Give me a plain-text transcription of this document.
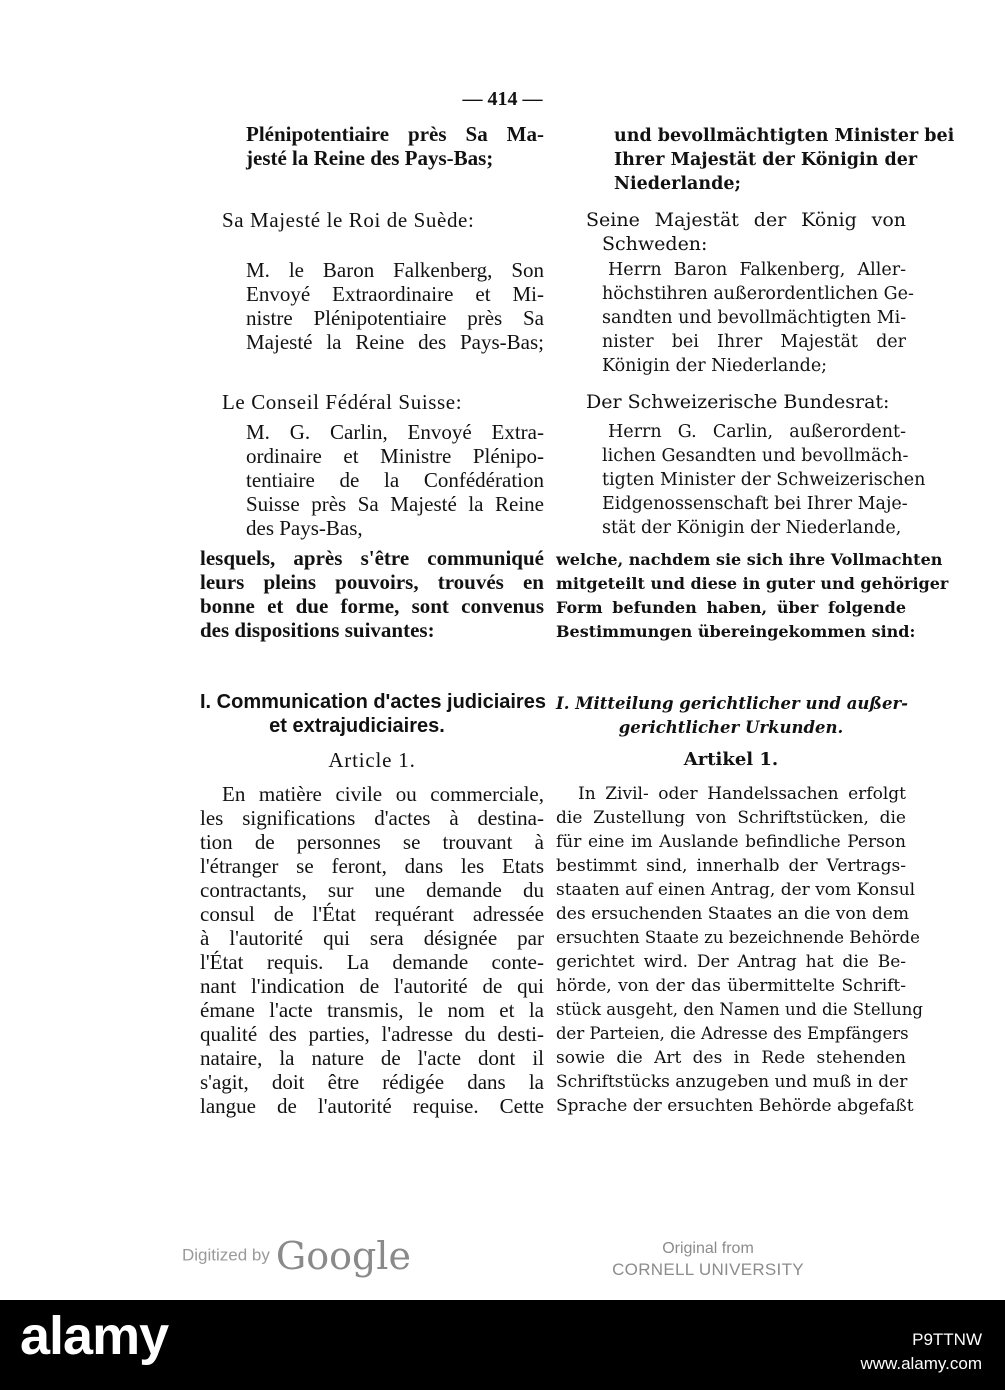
— 414 —
Plénipotentiaire près Sa Ma-
jesté la Reine des Pays-Bas;
Sa Majesté le Roi de Suède:
M. le Baron Falkenberg, Son
Envoyé Extraordinaire et Mi-
nistre Plénipotentiaire près Sa
Majesté la Reine des Pays-Bas;
Le Conseil Fédéral Suisse:
M. G. Carlin, Envoyé Extra-
ordinaire et Ministre Plénipo-
tentiaire de la Confédération
Suisse près Sa Majesté la Reine
des Pays-Bas,
lesquels, après s'être communiqué
leurs pleins pouvoirs, trouvés en
bonne et due forme, sont convenus
des dispositions suivantes:
I. Communication d'actes judiciaires
et extrajudiciaires.
Article 1.
En matière civile ou commerciale,
les significations d'actes à destina-
tion de personnes se trouvant à
l'étranger se feront, dans les Etats
contractants, sur une demande du
consul de l'État requérant adressée
à l'autorité qui sera désignée par
l'État requis. La demande conte-
nant l'indication de l'autorité de qui
émane l'acte transmis, le nom et la
qualité des parties, l'adresse du desti-
nataire, la nature de l'acte dont il
s'agit, doit être rédigée dans la
langue de l'autorité requise. Cette
und bevollmächtigten Minister bei
Ihrer Majestät der Königin der
Niederlande;
Seine Majestät der König von
Schweden:
Herrn Baron Falkenberg, Aller-
höchstihren außerordentlichen Ge-
sandten und bevollmächtigten Mi-
nister bei Ihrer Majestät der
Königin der Niederlande;
Der Schweizerische Bundesrat:
Herrn G. Carlin, außerordent-
lichen Gesandten und bevollmäch-
tigten Minister der Schweizerischen
Eidgenossenschaft bei Ihrer Maje-
stät der Königin der Niederlande,
welche, nachdem sie sich ihre Vollmachten
mitgeteilt und diese in guter und gehöriger
Form befunden haben, über folgende
Bestimmungen übereingekommen sind:
I. Mitteilung gerichtlicher und außer-
gerichtlicher Urkunden.
Artikel 1.
In Zivil- oder Handelssachen erfolgt
die Zustellung von Schriftstücken, die
für eine im Auslande befindliche Person
bestimmt sind, innerhalb der Vertrags-
staaten auf einen Antrag, der vom Konsul
des ersuchenden Staates an die von dem
ersuchten Staate zu bezeichnende Behörde
gerichtet wird. Der Antrag hat die Be-
hörde, von der das übermittelte Schrift-
stück ausgeht, den Namen und die Stellung
der Parteien, die Adresse des Empfängers
sowie die Art des in Rede stehenden
Schriftstücks anzugeben und muß in der
Sprache der ersuchten Behörde abgefaßt
Digitized by Google	Original from
CORNELL UNIVERSITY
alamy	P9TTNW
www.alamy.com
